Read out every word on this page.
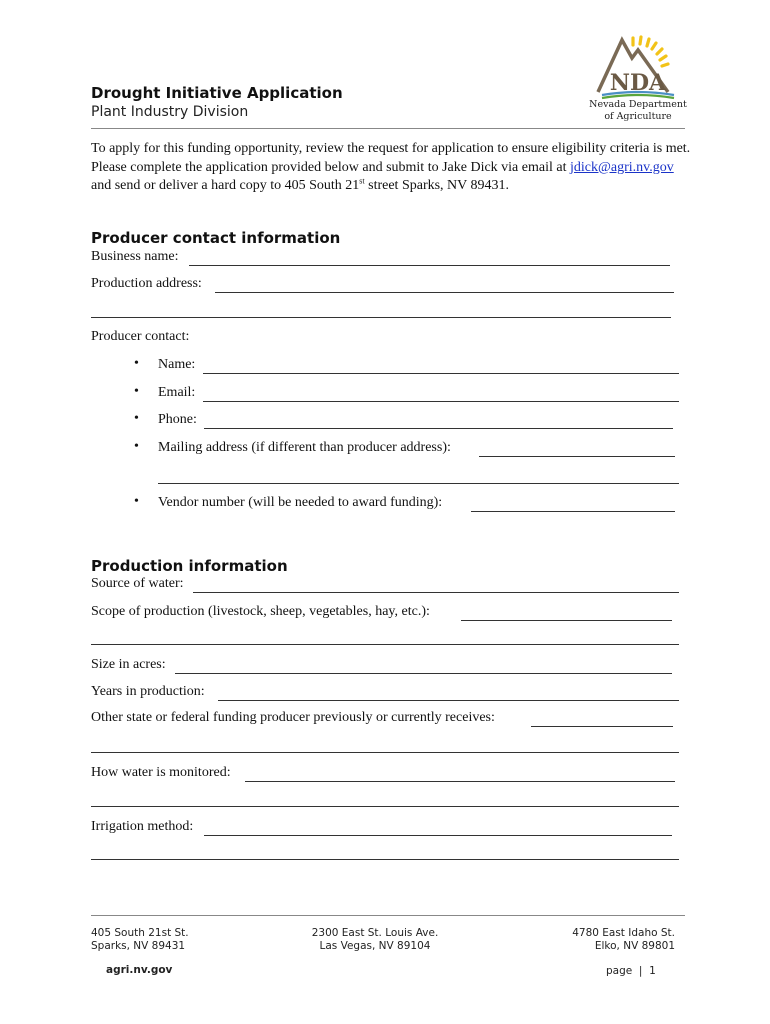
Drought Initiative Application
Plant Industry Division
NDA
Nevada Department
of Agriculture
To apply for this funding opportunity, review the request for application to ensure eligibility criteria is met. Please complete the application provided below and submit to Jake Dick via email at jdick@agri.nv.gov and send or deliver a hard copy to 405 South 21st street Sparks, NV 89431.
Producer contact information
Business name:
Production address:
Producer contact:
• Name:
• Email:
• Phone:
• Mailing address (if different than producer address):
• Vendor number (will be needed to award funding):
Production information
Source of water:
Scope of production (livestock, sheep, vegetables, hay, etc.):
Size in acres:
Years in production:
Other state or federal funding producer previously or currently receives:
How water is monitored:
Irrigation method:
405 South 21st St.
Sparks, NV 89431
2300 East St. Louis Ave.
Las Vegas, NV 89104
4780 East Idaho St.
Elko, NV 89801
agri.nv.gov	page | 1
